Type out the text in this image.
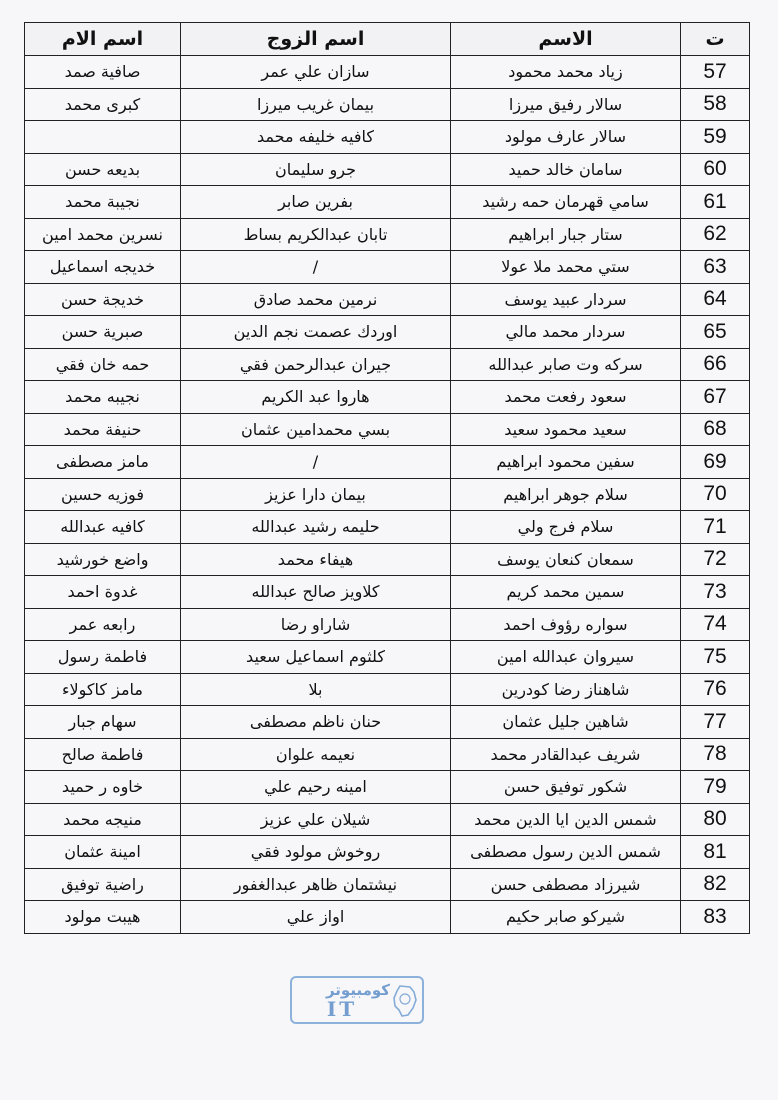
ت	الاسم	اسم الزوج	اسم الام
57	زياد محمد محمود	سازان علي عمر	صافية صمد
58	سالار رفيق ميرزا	بيمان غريب ميرزا	كبرى محمد
59	سالار عارف مولود	كافيه خليفه محمد	
60	سامان خالد حميد	جرو سليمان	بديعه حسن
61	سامي قهرمان حمه رشيد	بفرين صابر	نجيبة محمد
62	ستار جبار ابراهيم	تابان عبدالكريم بساط	نسرين محمد امين
63	ستي محمد ملا عولا	/	خديجه اسماعيل
64	سردار عبيد يوسف	نرمين محمد صادق	خديجة حسن
65	سردار محمد مالي	اوردك عصمت نجم الدين	صبرية حسن
66	سركه وت صابر عبدالله	جيران عبدالرحمن فقي	حمه خان فقي
67	سعود رفعت محمد	هاروا عبد الكريم	نجيبه محمد
68	سعيد محمود سعيد	بسي محمدامين عثمان	حنيفة محمد
69	سفين محمود ابراهيم	/	مامز مصطفى
70	سلام جوهر ابراهيم	بيمان دارا عزيز	فوزيه حسين
71	سلام فرج ولي	حليمه رشيد عبدالله	كافيه عبدالله
72	سمعان كنعان يوسف	هيفاء محمد	واضع خورشيد
73	سمين محمد كريم	كلاويز صالح عبدالله	غدوة احمد
74	سواره رؤوف احمد	شاراو رضا	رابعه عمر
75	سيروان عبدالله امين	كلثوم اسماعيل سعيد	فاطمة رسول
76	شاهناز رضا كودرين	بلا	مامز كاكولاء
77	شاهين جليل عثمان	حنان ناظم مصطفى	سهام جبار
78	شريف عبدالقادر محمد	نعيمه علوان	فاطمة صالح
79	شكور توفيق حسن	امينه رحيم علي	خاوه ر حميد
80	شمس الدين ايا الدين محمد	شيلان علي عزيز	منيجه محمد
81	شمس الدين رسول مصطفى	روخوش مولود فقي	امينة عثمان
82	شيرزاد مصطفى حسن	نيشتمان ظاهر عبدالغفور	راضية توفيق
83	شيركو صابر حكيم	اواز علي	هيبت مولود
كومبيوتر
IT
